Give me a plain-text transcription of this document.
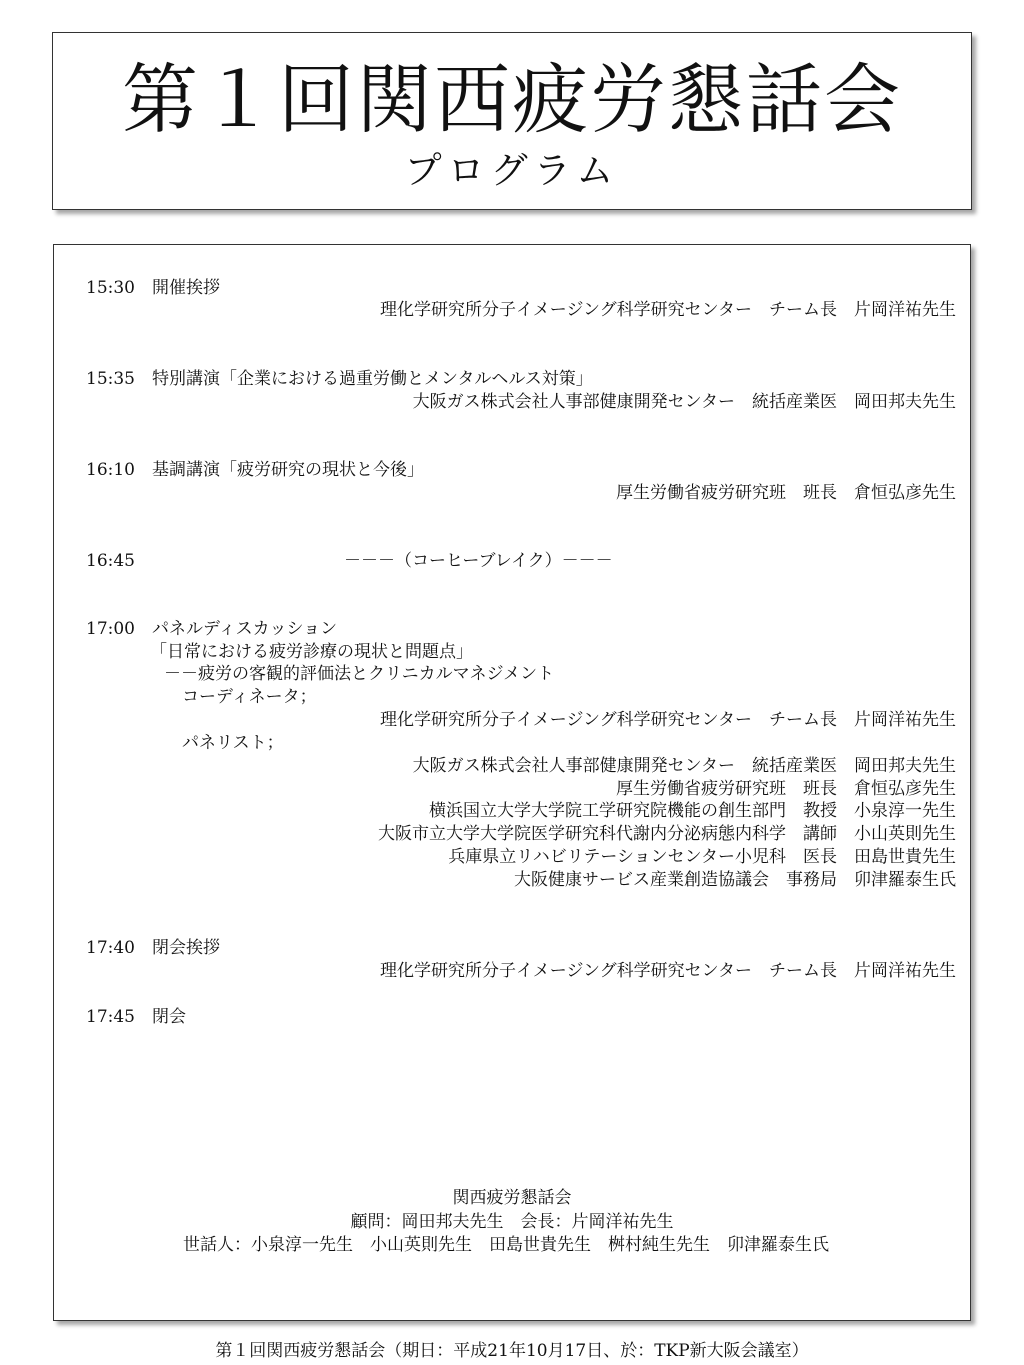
第１回関西疲労懇話会
プログラム
15:30 開催挨拶
理化学研究所分子イメージング科学研究センター　チーム長　片岡洋祐先生
15:35 特別講演「企業における過重労働とメンタルヘルス対策」
大阪ガス株式会社人事部健康開発センター　統括産業医　岡田邦夫先生
16:10 基調講演「疲労研究の現状と今後」
厚生労働省疲労研究班　班長　倉恒弘彦先生
16:45	－－－（コーヒーブレイク）－－－
17:00 パネルディスカッション
「日常における疲労診療の現状と問題点」
－－疲労の客観的評価法とクリニカルマネジメント
コーディネータ；
理化学研究所分子イメージング科学研究センター　チーム長　片岡洋祐先生
パネリスト；
大阪ガス株式会社人事部健康開発センター　統括産業医　岡田邦夫先生
厚生労働省疲労研究班　班長　倉恒弘彦先生
横浜国立大学大学院工学研究院機能の創生部門　教授　小泉淳一先生
大阪市立大学大学院医学研究科代謝内分泌病態内科学　講師　小山英則先生
兵庫県立リハビリテーションセンター小児科　医長　田島世貴先生
大阪健康サービス産業創造協議会　事務局　卯津羅泰生氏
17:40 閉会挨拶
理化学研究所分子イメージング科学研究センター　チーム長　片岡洋祐先生
17:45 閉会
関西疲労懇話会
顧問：岡田邦夫先生　会長：片岡洋祐先生
世話人：小泉淳一先生　小山英則先生　田島世貴先生　桝村純生先生　卯津羅泰生氏
第１回関西疲労懇話会（期日：平成21年10月17日、於：TKP新大阪会議室）
